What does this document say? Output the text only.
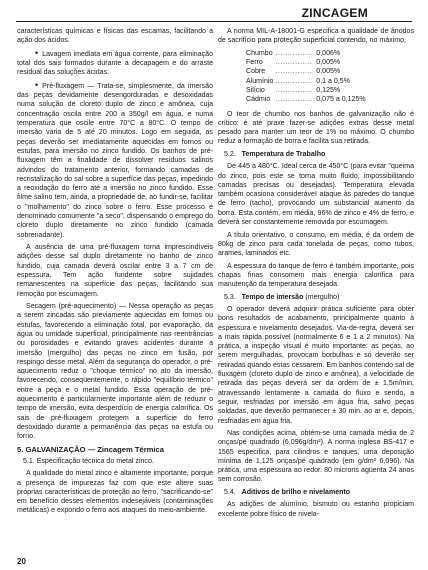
ZINCAGEM

características químicas e físicas das escamas, facilitando a ação dos ácidos.

• Lavagem imediata em água corrente, para eliminação total dos sais formados durante a decapagem e do arraste residual das soluções ácidas.

• Pré-fluxagem — Trata-se, simplesmente, da imersão das peças devidamente desengorduradas e desoxidadas numa solução de cloreto duplo de zinco e amônea, cuja concentração oscila entre 200 a 350g/l em água, e numa temperatura que oscile entre 70°C a 80°C. O tempo de imersão varia de 5 até 20 minutos. Logo em seguida, as peças deverão ser imediatamente aquecidas em fornos ou estufas, para imersão no zinco fundido. Os banhos de pré-fluxagem têm a finalidade de dissolver resíduos salinos advindos do tratamento anterior, formando camadas de recristalização do sal sobre a superfície das peças, impedindo a reoxidação do ferro até a imersão no zinco fundido. Esse filme salino tem, ainda, a propriedade de, ao fundir-se, facilitar o "molhamento" do zinco sobre o ferro. Esse processo é denominado comumente "a seco", dispensando o emprego do cloreto duplo diretamente no zinco fundido (camada sobrenadante).

A ausência de uma pré-fluxagem torna imprescindíveis adições desse sal duplo diretamente no banho de zinco fundido, cuja camada deverá oscilar entre 3 a 7 cm de espessura. Tem ação fundente sobre sujidades remanescentes na superfície das peças, facilitando sua remoção por escumagem.

Secagem (pré-aquecimento) — Nessa operação as peças a serem zincadas são previamente aquecidas em fornos ou estufas, favorecendo a eliminação total, por evaporação, da água ou umidade superficial, principalmente nas reentrâncias ou porosidades e evitando graves acidentes durante a imersão (mergulho) das peças no zinco em fusão, por respingo desse metal. Além da segurança do operador, o pré-aquecimento reduz o "choque térmico" no ato da imersão, favorecendo, conseqüentemente, o rápido "equilíbrio térmico" entre a peça e o metal fundido. Essa operação de pré-aquecimento é particularmente importante além de reduzir o tempo de imersão, evita desperdício de energia calorífica. Os sais de pré-fluxagem protegem a superfície do ferro desoxidado durante a permanência das peças na estufa ou forno.

5. GALVANIZAÇÃO — Zincagem Térmica
5.1. Especificação técnica do metal zinco.

A qualidade do metal zinco é altamente importante, porque a presença de impurezas faz com que este altere suas próprias características de proteção ao ferro, "sacrificando-se" em benefício desses elementos indesejáveis (contaminações metálicas) e expondo o ferro aos ataques do meio-ambiente.

A norma MIL-A-18001-G especifica a qualidade de ânodos de sacrifício para proteção superficial contendo, no máximo,

Chumbo	...............	0,006%
Ferro	...............	0,005%
Cobre	...............	0,005%
Alumínio	...............	0,1 a 0,5%
Silício	...............	0,125%
Cádmio	...............	0,075 a 0,125%

O teor de chumbo nos banhos de galvanização não é crítico: é até praxe fazer-se adições extras desse metal pesado para manter um teor de 1% no máximo. O chumbo reduz a formação de borra e facilita sua retirada.

5.2. Temperatura de Trabalho

De 445 a 480°C. Ideal cerca de 450°C (para evitar "queima do zinco, pois este se torna muito fluido, impossibilitando camadas precisas ou desejadas). Temperatura elevada também ocasiona consideráveI ataque às paredes do tanque de ferro (tacho), provocando um substancial aumento da borra. Esta contém, em média, 96% de zinco e 4% de ferro, e deverá ser constantemente removida por escumagem.

A título orientativo, o consumo, em média, é da ordem de 80kg de zinco para cada tonelada de peças, como tubos, arames, laminados etc.

A espessura do tanque de ferro é também importante, pois chapas finas consomem mais energia calorífica para manutenção da temperatura desejada.

5.3. Tempo de imersão (mergulho)

O operador deverá adquirir prática suficiente para obter bons resultados de acabamento, principalmente quanto à espessura e nivelamento desejados. Via-de-regra, deverá ser a mais rápida possível (normalmente 6 e 1 a 2 minutos). Na prática, a inspeção visual é muito importante: as peças, ao serem mergulhadas, provocam borbulhas e só deverão ser retiradas quando estas cessarem. Em banhos contendo sal de fluxagem (cloreto duplo de zinco e amônea), a velocidade de retirada das peças deverá ser da ordem de ± 1,5m/min, atravessando lentamente a camada do fluxo e sendo, a seguir, resfriadas por imersão em água fria, salvo peças soldadas, que deverão permanecer ± 30 min. ao ar e, depois, resfriadas em água fria.

Nas condições acima, obtém-se uma camada média de 2 onças/pé quadrado (6,096g/dm²). A norma inglesa BS-417 e 1565 especifica, para cilindros e tanques, uma deposição mínima de 1,125 onças/pé quadrado (em g/dm² 6,096). Na prática, uma espessura ao redor. 80 microns agüenta 24 anos sem corrosão.

5.4. Aditivos de brilho e nivelamento

As adições de alumínio, bismuto ou estanho propiciam excelente pobre físico de nivela-

20
